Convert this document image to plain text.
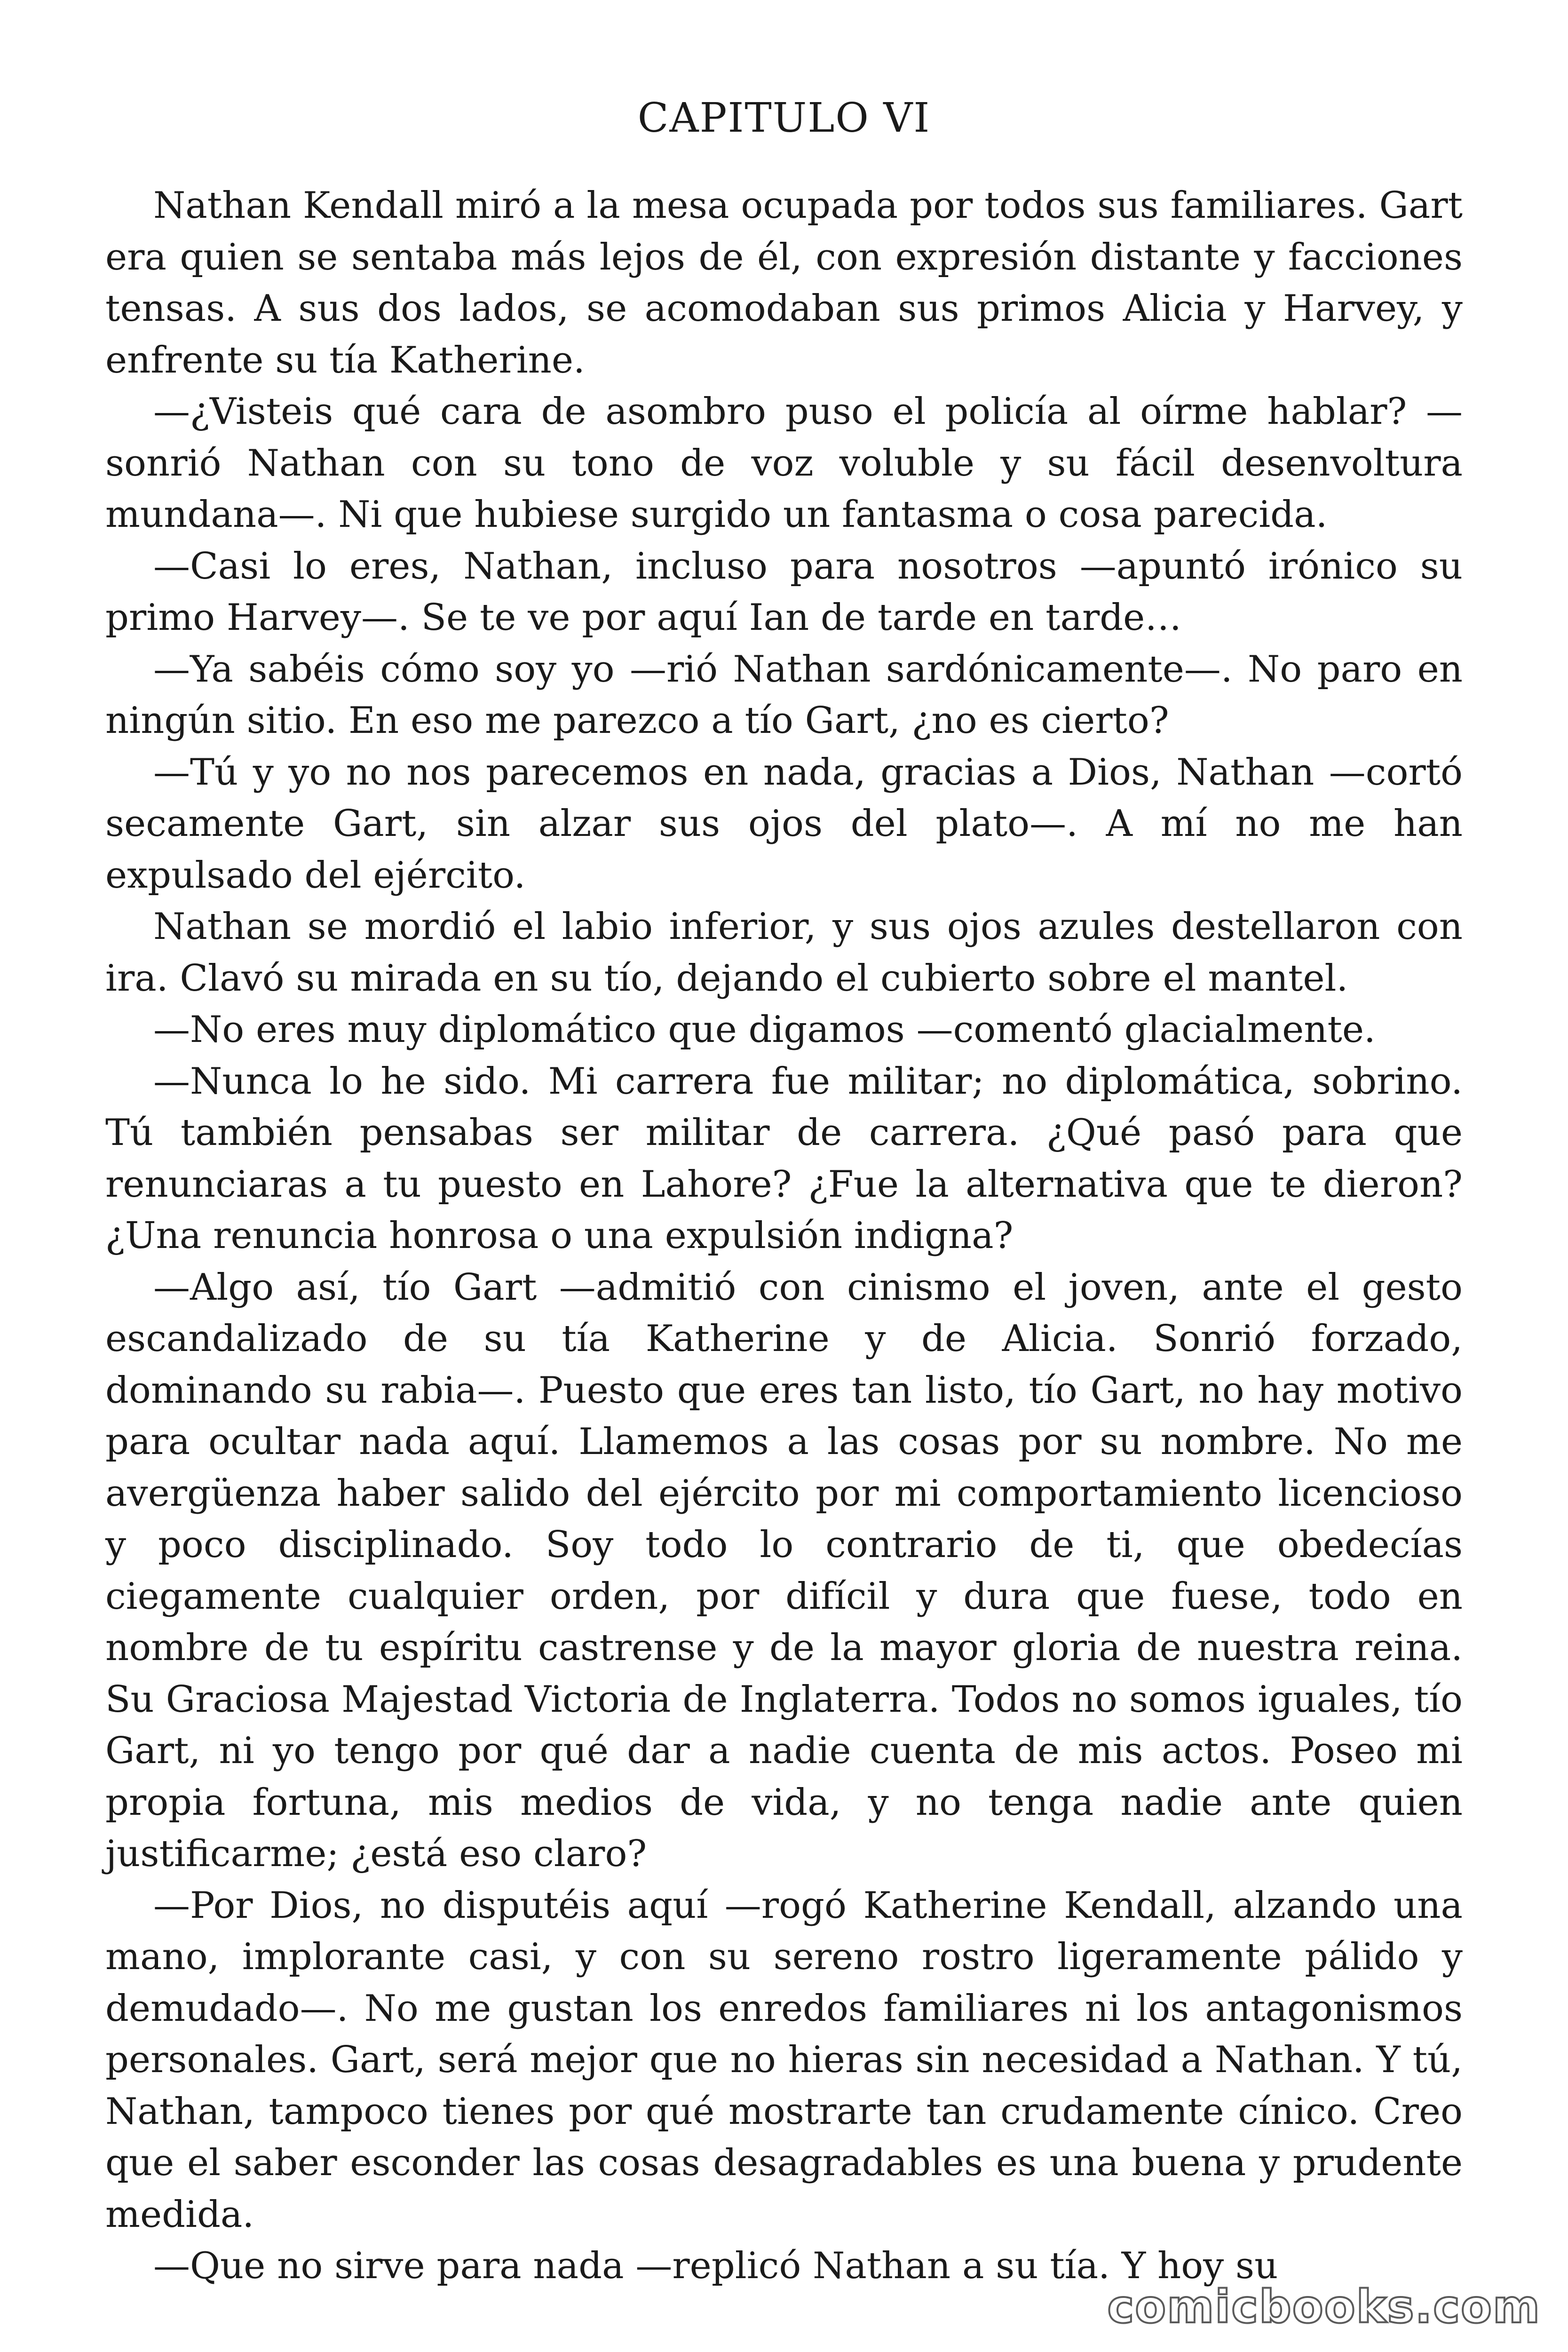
CAPITULO VI

Nathan Kendall miró a la mesa ocupada por todos sus familiares. Gart era quien se sentaba más lejos de él, con expresión distante y facciones tensas. A sus dos lados, se acomodaban sus primos Alicia y Harvey, y enfrente su tía Katherine.

—¿Visteis qué cara de asombro puso el policía al oírme hablar? —sonrió Nathan con su tono de voz voluble y su fácil desenvoltura mundana—. Ni que hubiese surgido un fantasma o cosa parecida.

—Casi lo eres, Nathan, incluso para nosotros —apuntó irónico su primo Harvey—. Se te ve por aquí Ian de tarde en tarde…

—Ya sabéis cómo soy yo —rió Nathan sardónicamente—. No paro en ningún sitio. En eso me parezco a tío Gart, ¿no es cierto?

—Tú y yo no nos parecemos en nada, gracias a Dios, Nathan —cortó secamente Gart, sin alzar sus ojos del plato—. A mí no me han expulsado del ejército.

Nathan se mordió el labio inferior, y sus ojos azules destellaron con ira. Clavó su mirada en su tío, dejando el cubierto sobre el mantel.

—No eres muy diplomático que digamos —comentó glacialmente.

—Nunca lo he sido. Mi carrera fue militar; no diplomática, sobrino. Tú también pensabas ser militar de carrera. ¿Qué pasó para que renunciaras a tu puesto en Lahore? ¿Fue la alternativa que te dieron? ¿Una renuncia honrosa o una expulsión indigna?

—Algo así, tío Gart —admitió con cinismo el joven, ante el gesto escandalizado de su tía Katherine y de Alicia. Sonrió forzado, dominando su rabia—. Puesto que eres tan listo, tío Gart, no hay motivo para ocultar nada aquí. Llamemos a las cosas por su nombre. No me avergüenza haber salido del ejército por mi comportamiento licencioso y poco disciplinado. Soy todo lo contrario de ti, que obedecías ciegamente cualquier orden, por difícil y dura que fuese, todo en nombre de tu espíritu castrense y de la mayor gloria de nuestra reina. Su Graciosa Majestad Victoria de Inglaterra. Todos no somos iguales, tío Gart, ni yo tengo por qué dar a nadie cuenta de mis actos. Poseo mi propia fortuna, mis medios de vida, y no tenga nadie ante quien justificarme; ¿está eso claro?

—Por Dios, no disputéis aquí —rogó Katherine Kendall, alzando una mano, implorante casi, y con su sereno rostro ligeramente pálido y demudado—. No me gustan los enredos familiares ni los antagonismos personales. Gart, será mejor que no hieras sin necesidad a Nathan. Y tú, Nathan, tampoco tienes por qué mostrarte tan crudamente cínico. Creo que el saber esconder las cosas desagradables es una buena y prudente medida.

—Que no sirve para nada —replicó Nathan a su tía. Y hoy su

comicbooks.com
